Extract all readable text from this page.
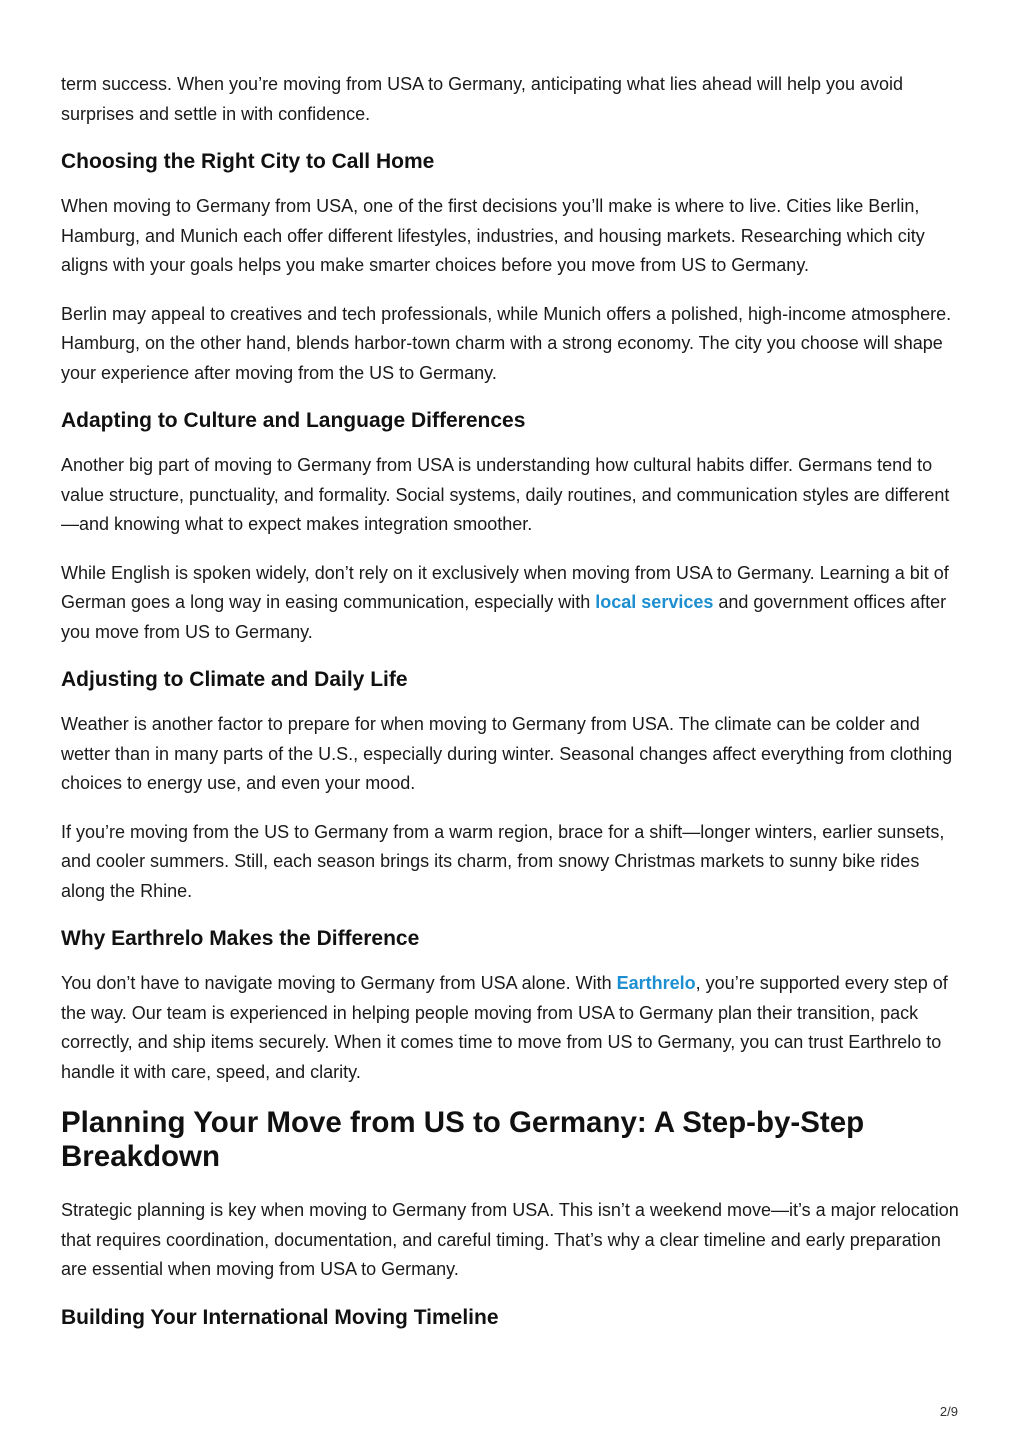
term success. When you’re moving from USA to Germany, anticipating what lies ahead will help you avoid surprises and settle in with confidence.

Choosing the Right City to Call Home

When moving to Germany from USA, one of the first decisions you’ll make is where to live. Cities like Berlin, Hamburg, and Munich each offer different lifestyles, industries, and housing markets. Researching which city aligns with your goals helps you make smarter choices before you move from US to Germany.

Berlin may appeal to creatives and tech professionals, while Munich offers a polished, high-income atmosphere. Hamburg, on the other hand, blends harbor-town charm with a strong economy. The city you choose will shape your experience after moving from the US to Germany.

Adapting to Culture and Language Differences

Another big part of moving to Germany from USA is understanding how cultural habits differ. Germans tend to value structure, punctuality, and formality. Social systems, daily routines, and communication styles are different—and knowing what to expect makes integration smoother.

While English is spoken widely, don’t rely on it exclusively when moving from USA to Germany. Learning a bit of German goes a long way in easing communication, especially with local services and government offices after you move from US to Germany.

Adjusting to Climate and Daily Life

Weather is another factor to prepare for when moving to Germany from USA. The climate can be colder and wetter than in many parts of the U.S., especially during winter. Seasonal changes affect everything from clothing choices to energy use, and even your mood.

If you’re moving from the US to Germany from a warm region, brace for a shift—longer winters, earlier sunsets, and cooler summers. Still, each season brings its charm, from snowy Christmas markets to sunny bike rides along the Rhine.

Why Earthrelo Makes the Difference

You don’t have to navigate moving to Germany from USA alone. With Earthrelo, you’re supported every step of the way. Our team is experienced in helping people moving from USA to Germany plan their transition, pack correctly, and ship items securely. When it comes time to move from US to Germany, you can trust Earthrelo to handle it with care, speed, and clarity.

Planning Your Move from US to Germany: A Step-by-Step Breakdown

Strategic planning is key when moving to Germany from USA. This isn’t a weekend move—it’s a major relocation that requires coordination, documentation, and careful timing. That’s why a clear timeline and early preparation are essential when moving from USA to Germany.

Building Your International Moving Timeline
2/9
